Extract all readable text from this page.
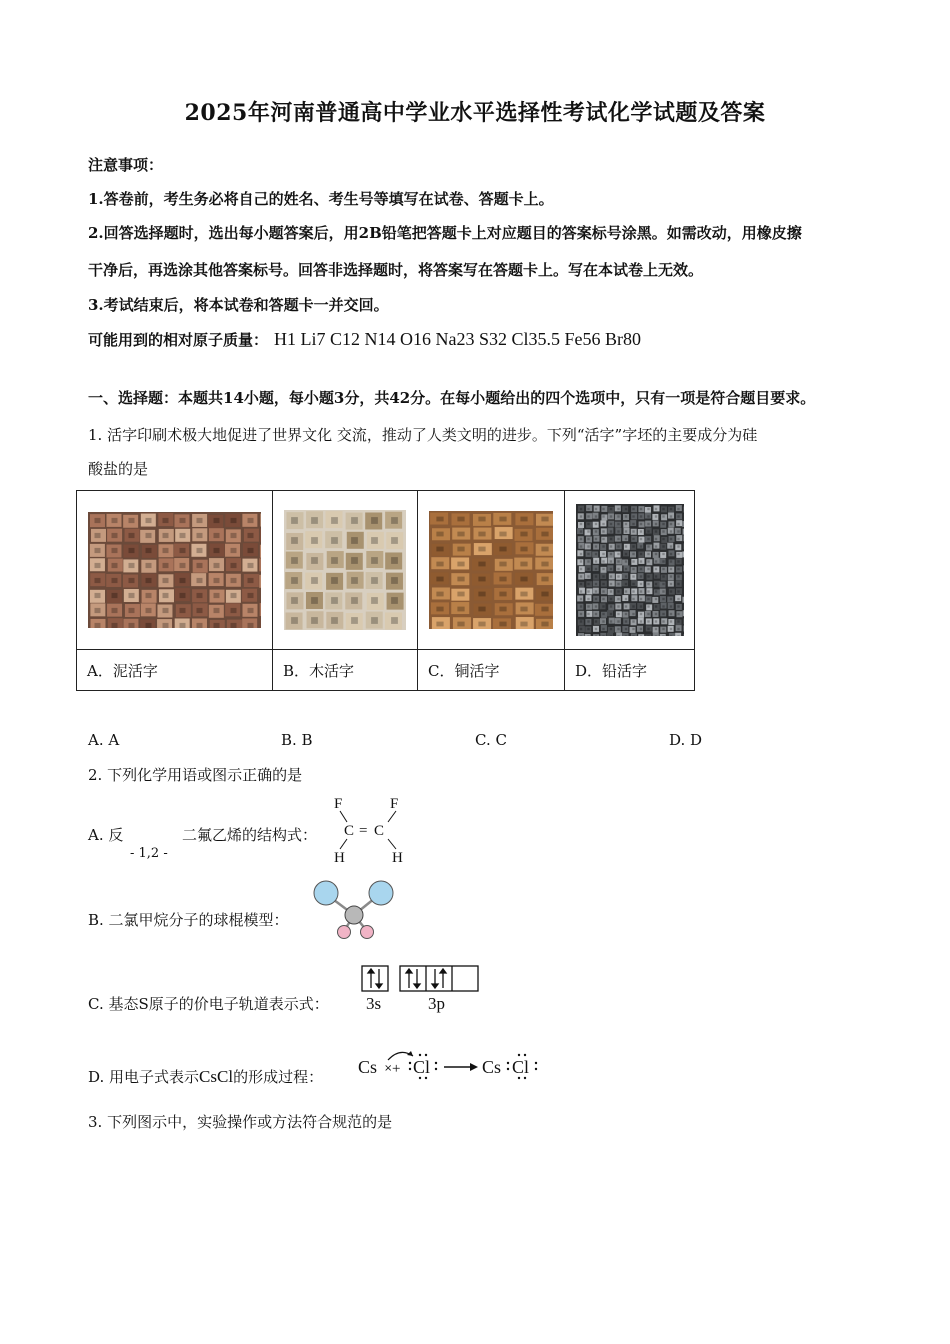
2025年河南普通高中学业水平选择性考试化学试题及答案
注意事项：
1.答卷前，考生务必将自己的姓名、考生号等填写在试卷、答题卡上。
2.回答选择题时，选出每小题答案后，用2B铅笔把答题卡上对应题目的答案标号涂黑。如需改动，用橡皮擦
干净后，再选涂其他答案标号。回答非选择题时，将答案写在答题卡上。写在本试卷上无效。
3.考试结束后，将本试卷和答题卡一并交回。
可能用到的相对原子质量： H1 Li7 C12 N14 O16 Na23 S32 Cl35.5 Fe56 Br80
一、选择题：本题共14小题，每小题3分，共42分。在每小题给出的四个选项中，只有一项是符合题目要求。
1. 活字印刷术极大地促进了世界文化 交流，推动了人类文明的进步。下列“活字”字坯的主要成分为硅
酸盐的是

A．泥活字	B．木活字	C．铜活字	D．铅活字
A. A	B. B	C. C	D. D
2. 下列化学用语或图示正确的是
A. 反
- 1,2 -
二氟乙烯的结构式：
F	F
C = C
H	H
B. 二氯甲烷分子的球棍模型：
C. 基态S原子的价电子轨道表示式： 3s	3p
D. 用电子式表示CsCl的形成过程： Cs + Cl	Cs Cl
×
3. 下列图示中，实验操作或方法符合规范的是
